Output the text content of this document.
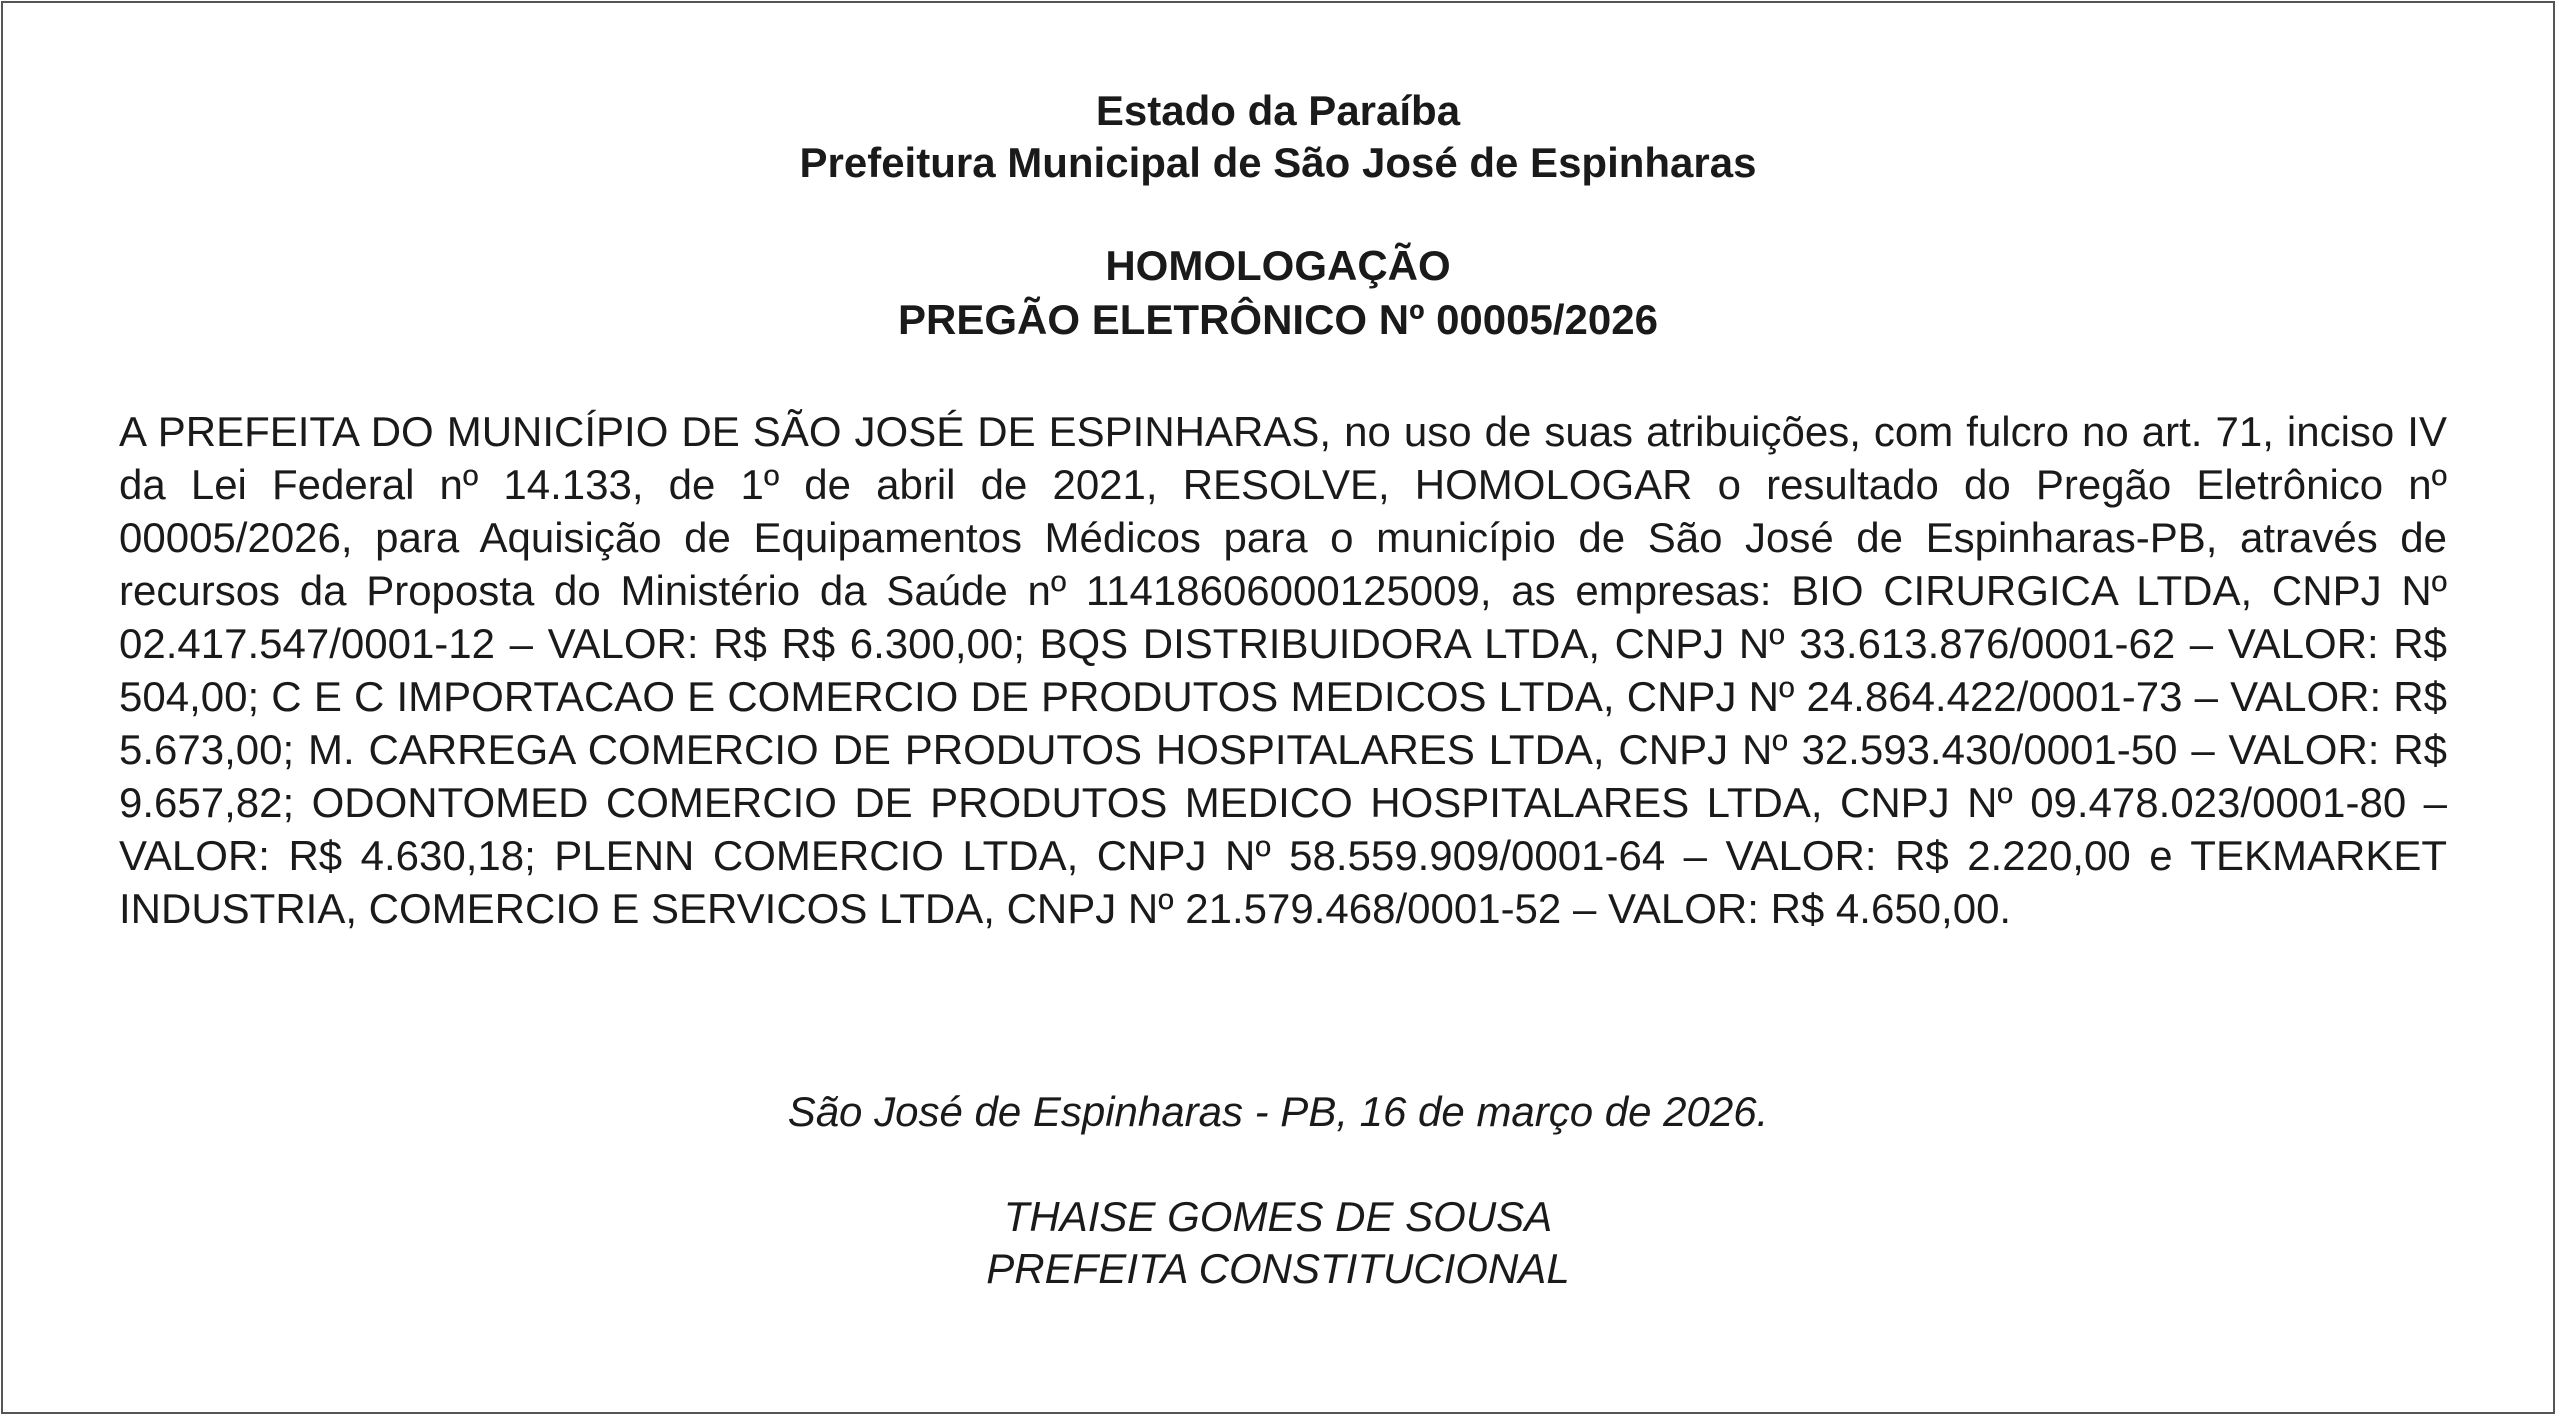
Estado da Paraíba
Prefeitura Municipal de São José de Espinharas
HOMOLOGAÇÃO
PREGÃO ELETRÔNICO Nº 00005/2026

A PREFEITA DO MUNICÍPIO DE SÃO JOSÉ DE ESPINHARAS, no uso de suas atribuições, com fulcro no art. 71, inciso IV da Lei Federal nº 14.133, de 1º de abril de 2021, RESOLVE, HOMOLOGAR o resultado do Pregão Eletrônico nº 00005/2026, para Aquisição de Equipamentos Médicos para o município de São José de Espinharas-PB, através de recursos da Proposta do Ministério da Saúde nº 11418606000125009, as empresas: BIO CIRURGICA LTDA, CNPJ Nº 02.417.547/0001-12 – VALOR: R$ R$ 6.300,00; BQS DISTRIBUIDORA LTDA, CNPJ Nº 33.613.876/0001-62 – VALOR: R$ 504,00; C E C IMPORTACAO E COMERCIO DE PRODUTOS MEDICOS LTDA, CNPJ Nº 24.864.422/0001-73 – VALOR: R$ 5.673,00; M. CARREGA COMERCIO DE PRODUTOS HOSPITALARES LTDA, CNPJ Nº 32.593.430/0001-50 – VALOR: R$ 9.657,82; ODONTOMED COMERCIO DE PRODUTOS MEDICO HOSPITALARES LTDA, CNPJ Nº 09.478.023/0001-80 – VALOR: R$ 4.630,18; PLENN COMERCIO LTDA, CNPJ Nº 58.559.909/0001-64 – VALOR: R$ 2.220,00 e TEKMARKET INDUSTRIA, COMERCIO E SERVICOS LTDA, CNPJ Nº 21.579.468/0001-52 – VALOR: R$ 4.650,00.

São José de Espinharas - PB, 16 de março de 2026.
THAISE GOMES DE SOUSA
PREFEITA CONSTITUCIONAL
